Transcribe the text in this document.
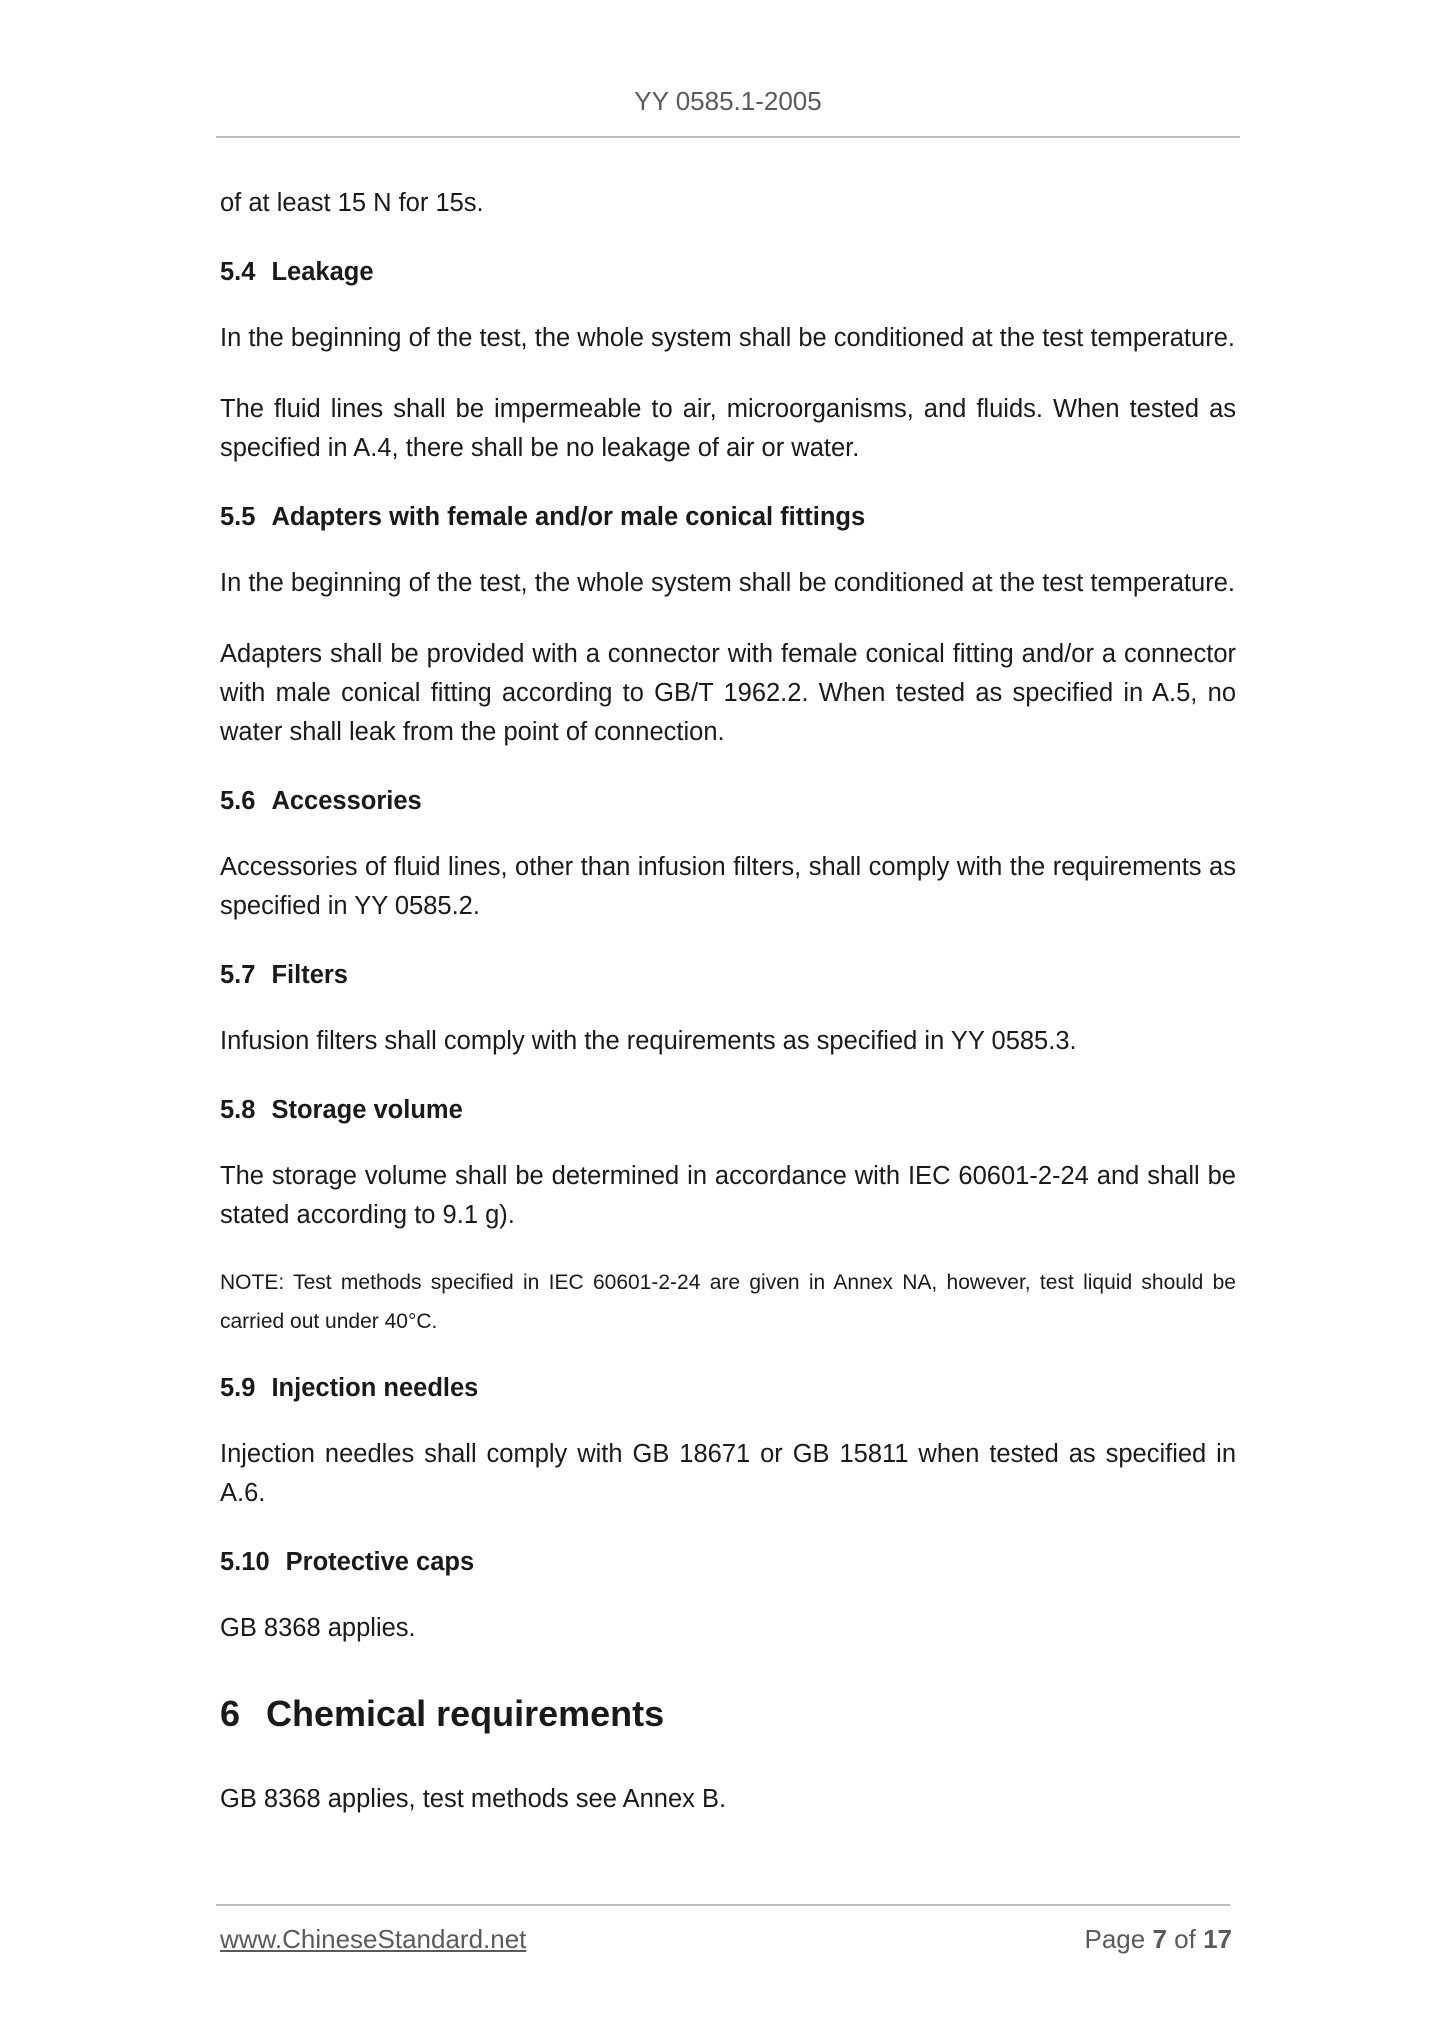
YY 0585.1-2005

of at least 15 N for 15s.

5.4 Leakage

In the beginning of the test, the whole system shall be conditioned at the test temperature.

The fluid lines shall be impermeable to air, microorganisms, and fluids. When tested as specified in A.4, there shall be no leakage of air or water.

5.5 Adapters with female and/or male conical fittings

In the beginning of the test, the whole system shall be conditioned at the test temperature.

Adapters shall be provided with a connector with female conical fitting and/or a connector with male conical fitting according to GB/T 1962.2. When tested as specified in A.5, no water shall leak from the point of connection.

5.6 Accessories

Accessories of fluid lines, other than infusion filters, shall comply with the requirements as specified in YY 0585.2.

5.7 Filters

Infusion filters shall comply with the requirements as specified in YY 0585.3.

5.8 Storage volume

The storage volume shall be determined in accordance with IEC 60601-2-24 and shall be stated according to 9.1 g).

NOTE: Test methods specified in IEC 60601-2-24 are given in Annex NA, however, test liquid should be carried out under 40°C.

5.9 Injection needles

Injection needles shall comply with GB 18671 or GB 15811 when tested as specified in A.6.

5.10 Protective caps

GB 8368 applies.

6 Chemical requirements

GB 8368 applies, test methods see Annex B.

www.ChineseStandard.net	Page 7 of 17
